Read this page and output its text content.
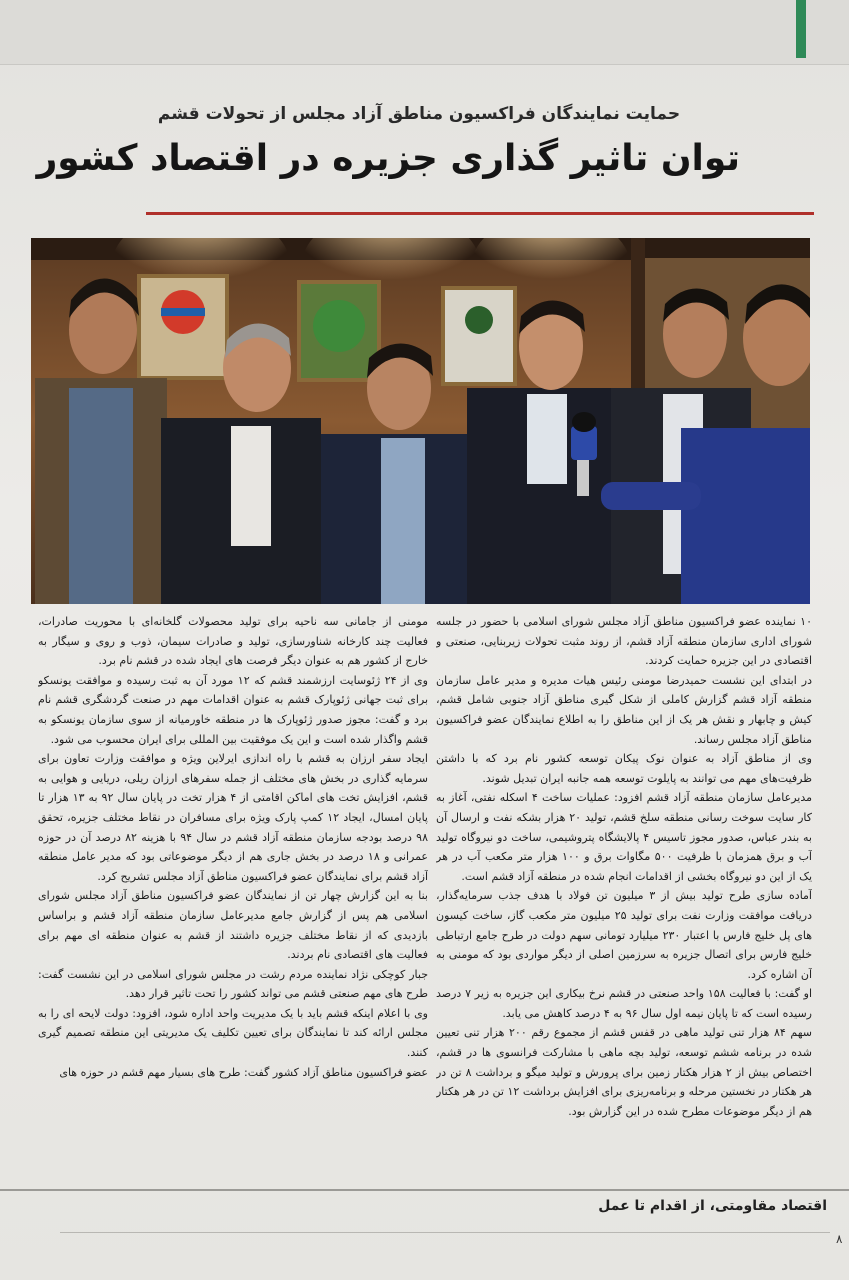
حمایت نمایندگان فراکسیون مناطق آزاد مجلس از تحولات قشم
توان تاثیر گذاری جزیره در اقتصاد کشور

۱۰ نماینده عضو فراکسیون مناطق آزاد مجلس شورای اسلامی با حضور در جلسه شورای اداری سازمان منطقه آزاد قشم، از روند مثبت تحولات زیربنایی، صنعتی و اقتصادی در این جزیره حمایت کردند.

در ابتدای این نشست حمیدرضا مومنی رئیس هیات مدیره و مدیر عامل سازمان منطقه آزاد قشم گزارش کاملی از شکل گیری مناطق آزاد جنوبی شامل قشم، کیش و چابهار و نقش هر یک از این مناطق را به اطلاع نمایندگان عضو فراکسیون مناطق آزاد مجلس رساند.

وی از مناطق آزاد به عنوان نوک پیکان توسعه کشور نام برد که با داشتن ظرفیت‌های مهم می توانند به پایلوت توسعه همه جانبه ایران تبدیل شوند.

مدیرعامل سازمان منطقه آزاد قشم افزود: عملیات ساخت ۴ اسکله نفتی، آغاز به کار سایت سوخت رسانی منطقه سلخ قشم، تولید ۲۰ هزار بشکه نفت و ارسال آن به بندر عباس، صدور مجوز تاسیس ۴ پالایشگاه پتروشیمی، ساخت دو نیروگاه تولید آب و برق همزمان با ظرفیت ۵۰۰ مگاوات برق و ۱۰۰ هزار متر مکعب آب در هر یک از این دو نیروگاه بخشی از اقدامات انجام شده در منطقه آزاد قشم است.

آماده سازی طرح تولید بیش از ۳ میلیون تن فولاد با هدف جذب سرمایه‌گذار، دریافت موافقت وزارت نفت برای تولید ۲۵ میلیون متر مکعب گاز، ساخت کیسون های پل خلیج فارس با اعتبار ۲۳۰ میلیارد تومانی سهم دولت در طرح جامع ارتباطی خلیج فارس برای اتصال جزیره به سرزمین اصلی از دیگر مواردی بود که مومنی به آن اشاره کرد.

او گفت: با فعالیت ۱۵۸ واحد صنعتی در قشم نرخ بیکاری این جزیره به زیر ۷ درصد رسیده است که تا پایان نیمه اول سال ۹۶ به ۴ درصد کاهش می یابد.

سهم ۸۴ هزار تنی تولید ماهی در قفس قشم از مجموع رقم ۲۰۰ هزار تنی تعیین شده در برنامه ششم توسعه، تولید بچه ماهی با مشارکت فرانسوی ها در قشم، اختصاص بیش از ۲ هزار هکتار زمین برای پرورش و تولید میگو و برداشت ۸ تن در هر هکتار در نخستین مرحله و برنامه‌ریزی برای افزایش برداشت ۱۲ تن در هر هکتار هم از دیگر موضوعات مطرح شده در این گزارش بود.

مومنی از جامانی سه ناحیه برای تولید محصولات گلخانه‌ای با محوریت صادرات، فعالیت چند کارخانه شناورسازی، تولید و صادرات سیمان، ذوب و روی و سیگار به خارج از کشور هم به عنوان دیگر فرصت های ایجاد شده در قشم نام برد.

وی از ۲۴ ژئوسایت ارزشمند قشم که ۱۲ مورد آن به ثبت رسیده و موافقت یونسکو برای ثبت جهانی ژئوپارک قشم به عنوان اقدامات مهم در صنعت گردشگری قشم نام برد و گفت: مجوز صدور ژئوپارک ها در منطقه خاورمیانه از سوی سازمان یونسکو به قشم واگذار شده است و این یک موفقیت بین المللی برای ایران محسوب می شود.

ایجاد سفر ارزان به قشم با راه اندازی ایرلاین ویژه و موافقت وزارت تعاون برای سرمایه گذاری در بخش های مختلف از جمله سفرهای ارزان ریلی، دریایی و هوایی به قشم، افزایش تخت های اماکن اقامتی از ۴ هزار تخت در پایان سال ۹۲ به ۱۳ هزار تا پایان امسال، ایجاد ۱۲ کمپ پارک ویژه برای مسافران در نقاط مختلف جزیره، تحقق ۹۸ درصد بودجه سازمان منطقه آزاد قشم در سال ۹۴ با هزینه ۸۲ درصد آن در حوزه عمرانی و ۱۸ درصد در بخش جاری هم از دیگر موضوعاتی بود که مدیر عامل منطقه آزاد قشم برای نمایندگان عضو فراکسیون مناطق آزاد مجلس تشریح کرد.

بنا به این گزارش چهار تن از نمایندگان عضو فراکسیون مناطق آزاد مجلس شورای اسلامی هم پس از گزارش جامع مدیرعامل سازمان منطقه آزاد قشم و براساس بازدیدی که از نقاط مختلف جزیره داشتند از قشم به عنوان منطقه ای مهم برای فعالیت های اقتصادی نام بردند.

جبار کوچکی نژاد نماینده مردم رشت در مجلس شورای اسلامی در این نشست گفت: طرح های مهم صنعتی قشم می تواند کشور را تحت تاثیر قرار دهد.

وی با اعلام اینکه قشم باید با یک مدیریت واحد اداره شود، افزود: دولت لایحه ای را به مجلس ارائه کند تا نمایندگان برای تعیین تکلیف یک مدیریتی این منطقه تصمیم گیری کنند.

عضو فراکسیون مناطق آزاد کشور گفت: طرح های بسیار مهم قشم در حوزه های

اقتصاد مقاومتی، از اقدام تا عمل
۸
